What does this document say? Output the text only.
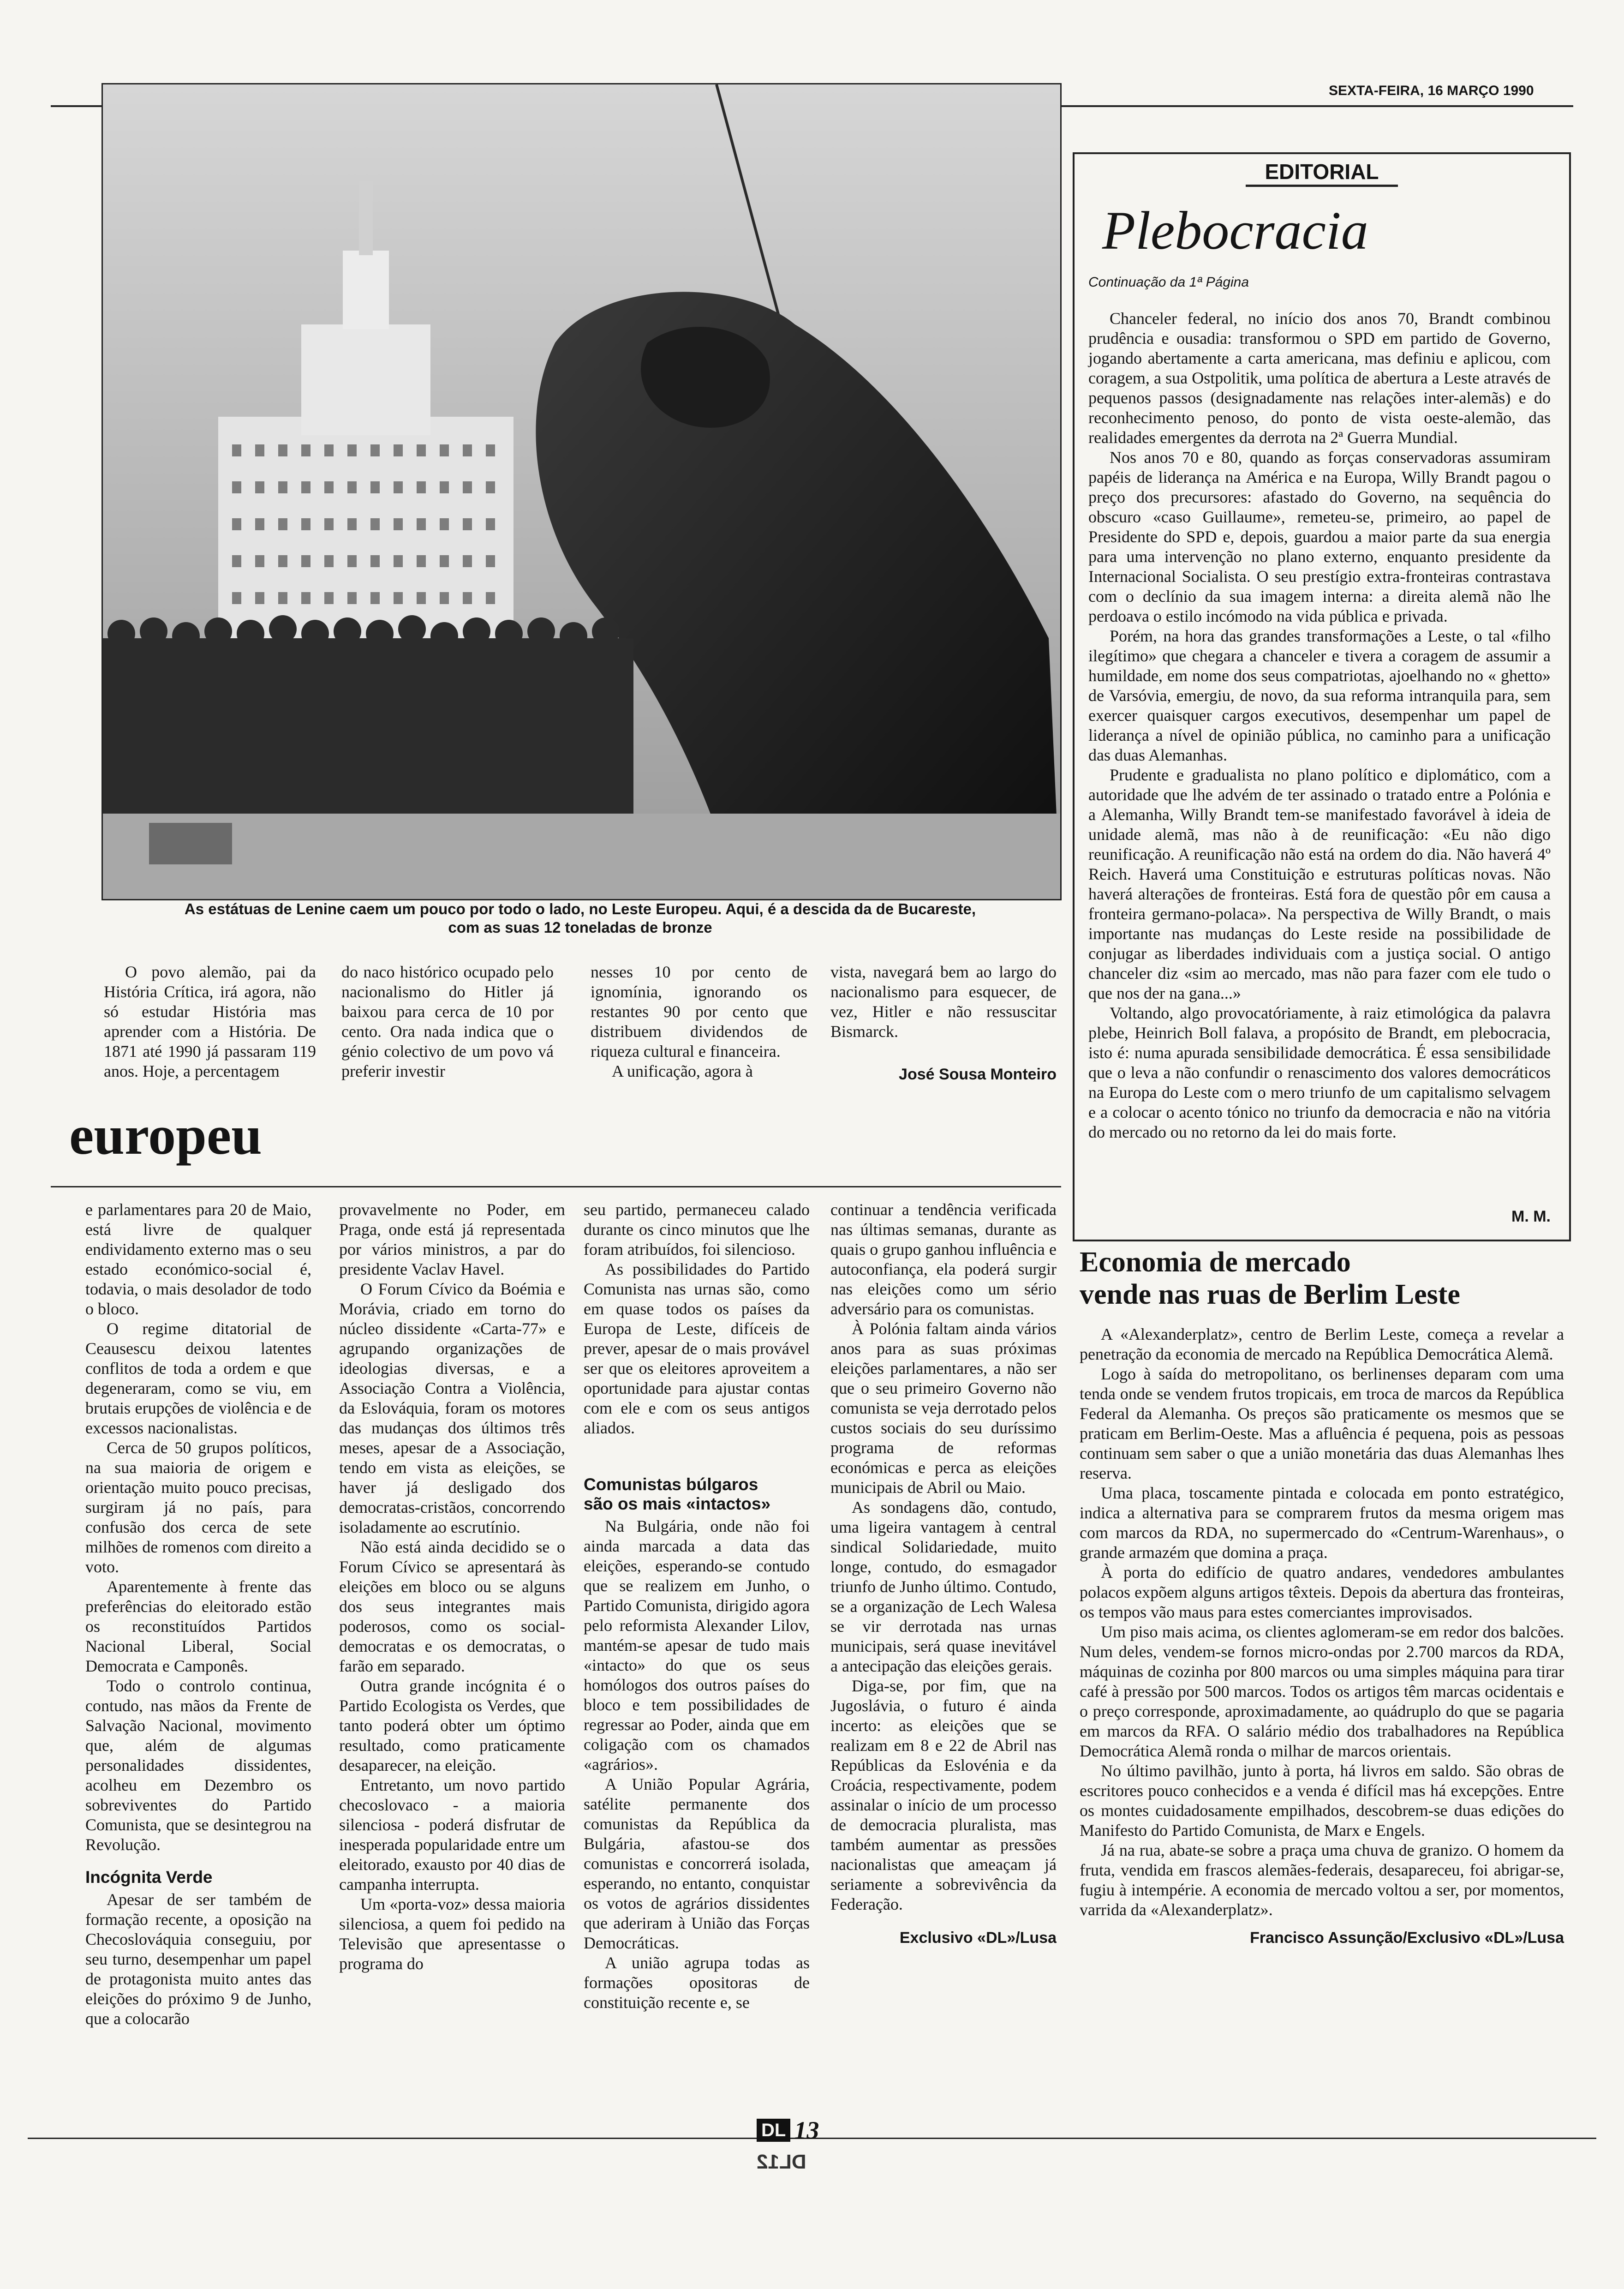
SEXTA-FEIRA, 16 MARÇO 1990
As estátuas de Lenine caem um pouco por todo o lado, no Leste Europeu. Aqui, é a descida da de Bucareste,
com as suas 12 toneladas de bronze

O povo alemão, pai da História Crítica, irá agora, não só estudar História mas aprender com a História. De 1871 até 1990 já passaram 119 anos. Hoje, a percentagem

do naco histórico ocupado pelo nacionalismo do Hitler já baixou para cerca de 10 por cento. Ora nada indica que o génio colectivo de um povo vá preferir investir

nesses 10 por cento de ignomínia, ignorando os restantes 90 por cento que distribuem dividendos de riqueza cultural e financeira.

A unificação, agora à

vista, navegará bem ao largo do nacionalismo para esquecer, de vez, Hitler e não ressuscitar Bismarck.

José Sousa Monteiro
europeu

e parlamentares para 20 de Maio, está livre de qualquer endividamento externo mas o seu estado económico-social é, todavia, o mais desolador de todo o bloco.

O regime ditatorial de Ceausescu deixou latentes conflitos de toda a ordem e que degeneraram, como se viu, em brutais erupções de violência e de excessos nacionalistas.

Cerca de 50 grupos políticos, na sua maioria de origem e orientação muito pouco precisas, surgiram já no país, para confusão dos cerca de sete milhões de romenos com direito a voto.

Aparentemente à frente das preferências do eleitorado estão os reconstituídos Partidos Nacional Liberal, Social Democrata e Camponês.

Todo o controlo continua, contudo, nas mãos da Frente de Salvação Nacional, movimento que, além de algumas personalidades dissidentes, acolheu em Dezembro os sobreviventes do Partido Comunista, que se desintegrou na Revolução.

Incógnita Verde

Apesar de ser também de formação recente, a oposição na Checoslováquia conseguiu, por seu turno, desempenhar um papel de protagonista muito antes das eleições do próximo 9 de Junho, que a colocarão

provavelmente no Poder, em Praga, onde está já representada por vários ministros, a par do presidente Vaclav Havel.

O Forum Cívico da Boémia e Morávia, criado em torno do núcleo dissidente «Carta-77» e agrupando organizações de ideologias diversas, e a Associação Contra a Violência, da Eslováquia, foram os motores das mudanças dos últimos três meses, apesar de a Associação, tendo em vista as eleições, se haver já desligado dos democratas-cristãos, concorrendo isoladamente ao escrutínio.

Não está ainda decidido se o Forum Cívico se apresentará às eleições em bloco ou se alguns dos seus integrantes mais poderosos, como os social-democratas e os democratas, o farão em separado.

Outra grande incógnita é o Partido Ecologista os Verdes, que tanto poderá obter um óptimo resultado, como praticamente desaparecer, na eleição.

Entretanto, um novo partido checoslovaco - a maioria silenciosa - poderá disfrutar de inesperada popularidade entre um eleitorado, exausto por 40 dias de campanha interrupta.

Um «porta-voz» dessa maioria silenciosa, a quem foi pedido na Televisão que apresentasse o programa do

seu partido, permaneceu calado durante os cinco minutos que lhe foram atribuídos, foi silencioso.

As possibilidades do Partido Comunista nas urnas são, como em quase todos os países da Europa de Leste, difíceis de prever, apesar de o mais provável ser que os eleitores aproveitem a oportunidade para ajustar contas com ele e com os seus antigos aliados.

Comunistas búlgaros
são os mais «intactos»

Na Bulgária, onde não foi ainda marcada a data das eleições, esperando-se contudo que se realizem em Junho, o Partido Comunista, dirigido agora pelo reformista Alexander Lilov, mantém-se apesar de tudo mais «intacto» do que os seus homólogos dos outros países do bloco e tem possibilidades de regressar ao Poder, ainda que em coligação com os chamados «agrários».

A União Popular Agrária, satélite permanente dos comunistas da República da Bulgária, afastou-se dos comunistas e concorrerá isolada, esperando, no entanto, conquistar os votos de agrários dissidentes que aderiram à União das Forças Democráticas.

A união agrupa todas as formações opositoras de constituição recente e, se

continuar a tendência verificada nas últimas semanas, durante as quais o grupo ganhou influência e autoconfiança, ela poderá surgir nas eleições como um sério adversário para os comunistas.

À Polónia faltam ainda vários anos para as suas próximas eleições parlamentares, a não ser que o seu primeiro Governo não comunista se veja derrotado pelos custos sociais do seu duríssimo programa de reformas económicas e perca as eleições municipais de Abril ou Maio.

As sondagens dão, contudo, uma ligeira vantagem à central sindical Solidariedade, muito longe, contudo, do esmagador triunfo de Junho último. Contudo, se a organização de Lech Walesa se vir derrotada nas urnas municipais, será quase inevitável a antecipação das eleições gerais.

Diga-se, por fim, que na Jugoslávia, o futuro é ainda incerto: as eleições que se realizam em 8 e 22 de Abril nas Repúblicas da Eslovénia e da Croácia, respectivamente, podem assinalar o início de um processo de democracia pluralista, mas também aumentar as pressões nacionalistas que ameaçam já seriamente a sobrevivência da Federação.

Exclusivo «DL»/Lusa
EDITORIAL
Plebocracia
Continuação da 1ª Página

Chanceler federal, no início dos anos 70, Brandt combinou prudência e ousadia: transformou o SPD em partido de Governo, jogando abertamente a carta americana, mas definiu e aplicou, com coragem, a sua Ostpolitik, uma política de abertura a Leste através de pequenos passos (designadamente nas relações inter-alemãs) e do reconhecimento penoso, do ponto de vista oeste-alemão, das realidades emergentes da derrota na 2ª Guerra Mundial.

Nos anos 70 e 80, quando as forças conservadoras assumiram papéis de liderança na América e na Europa, Willy Brandt pagou o preço dos precursores: afastado do Governo, na sequência do obscuro «caso Guillaume», remeteu-se, primeiro, ao papel de Presidente do SPD e, depois, guardou a maior parte da sua energia para uma intervenção no plano externo, enquanto presidente da Internacional Socialista. O seu prestígio extra-fronteiras contrastava com o declínio da sua imagem interna: a direita alemã não lhe perdoava o estilo incómodo na vida pública e privada.

Porém, na hora das grandes transformações a Leste, o tal «filho ilegítimo» que chegara a chanceler e tivera a coragem de assumir a humildade, em nome dos seus compatriotas, ajoelhando no « ghetto» de Varsóvia, emergiu, de novo, da sua reforma intranquila para, sem exercer quaisquer cargos executivos, desempenhar um papel de liderança a nível de opinião pública, no caminho para a unificação das duas Alemanhas.

Prudente e gradualista no plano político e diplomático, com a autoridade que lhe advém de ter assinado o tratado entre a Polónia e a Alemanha, Willy Brandt tem-se manifestado favorável à ideia de unidade alemã, mas não à de reunificação: «Eu não digo reunificação. A reunificação não está na ordem do dia. Não haverá 4º Reich. Haverá uma Constituição e estruturas políticas novas. Não haverá alterações de fronteiras. Está fora de questão pôr em causa a fronteira germano-polaca». Na perspectiva de Willy Brandt, o mais importante nas mudanças do Leste reside na possibilidade de conjugar as liberdades individuais com a justiça social. O antigo chanceler diz «sim ao mercado, mas não para fazer com ele tudo o que nos der na gana...»

Voltando, algo provocatóriamente, à raiz etimológica da palavra plebe, Heinrich Boll falava, a propósito de Brandt, em plebocracia, isto é: numa apurada sensibilidade democrática. É essa sensibilidade que o leva a não confundir o renascimento dos valores democráticos na Europa do Leste com o mero triunfo de um capitalismo selvagem e a colocar o acento tónico no triunfo da democracia e não na vitória do mercado ou no retorno da lei do mais forte.

M. M.
Economia de mercado
vende nas ruas de Berlim Leste

A «Alexanderplatz», centro de Berlim Leste, começa a revelar a penetração da economia de mercado na República Democrática Alemã.

Logo à saída do metropolitano, os berlinenses deparam com uma tenda onde se vendem frutos tropicais, em troca de marcos da República Federal da Alemanha. Os preços são praticamente os mesmos que se praticam em Berlim-Oeste. Mas a afluência é pequena, pois as pessoas continuam sem saber o que a união monetária das duas Alemanhas lhes reserva.

Uma placa, toscamente pintada e colocada em ponto estratégico, indica a alternativa para se comprarem frutos da mesma origem mas com marcos da RDA, no supermercado do «Centrum-Warenhaus», o grande armazém que domina a praça.

À porta do edifício de quatro andares, vendedores ambulantes polacos expõem alguns artigos têxteis. Depois da abertura das fronteiras, os tempos vão maus para estes comerciantes improvisados.

Um piso mais acima, os clientes aglomeram-se em redor dos balcões. Num deles, vendem-se fornos micro-ondas por 2.700 marcos da RDA, máquinas de cozinha por 800 marcos ou uma simples máquina para tirar café à pressão por 500 marcos. Todos os artigos têm marcas ocidentais e o preço corresponde, aproximadamente, ao quádruplo do que se pagaria em marcos da RFA. O salário médio dos trabalhadores na República Democrática Alemã ronda o milhar de marcos orientais.

No último pavilhão, junto à porta, há livros em saldo. São obras de escritores pouco conhecidos e a venda é difícil mas há excepções. Entre os montes cuidadosamente empilhados, descobrem-se duas edições do Manifesto do Partido Comunista, de Marx e Engels.

Já na rua, abate-se sobre a praça uma chuva de granizo. O homem da fruta, vendida em frascos alemães-federais, desapareceu, foi abrigar-se, fugiu à intempérie. A economia de mercado voltou a ser, por momentos, varrida da «Alexanderplatz».

Francisco Assunção/Exclusivo «DL»/Lusa
DL 13
DL12
